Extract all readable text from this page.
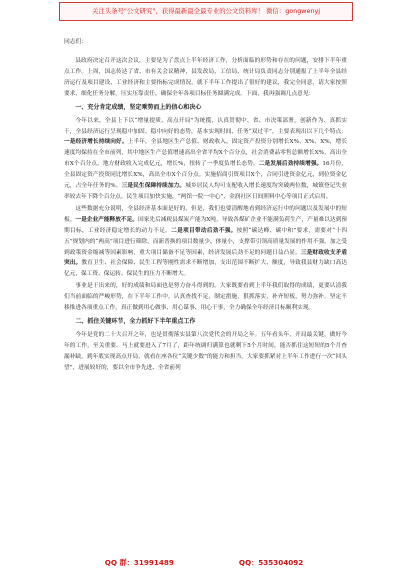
关注头条号"公文研究"，获得最新最全最专业的公文资料库！ 微信：gongwenyj
同志们：
县政府决定召开这次会议，主要是为了盘点上半年经济工作，分析面临的形势和存在的问题，安排下半年重点工作。上周，国志传达了省、市有关会议精神，县发改局、工信局、统计局负责同志分别通报了上半年全县经济运行及项目建设、工业经济和主要指标完成情况，就下半年工作提出了很好的建议，我完全同意，请大家按照要求，细化任务分解，压实压靠责任，确保全年各项目标任务圆满完成。下面，我再强调几点意见：
一、充分肯定成绩，坚定乘势而上的信心和决心
今年以来，全县上下以“增量提质、高点开局”为统揽，认真贯彻中、省、市决策部署，创新作为、真抓实干，全县经济运行呈现稳中加固、稳中向好的态势，基本实现时间、任务“双过半”，主要表现出以下几个特点：一是经济增长持续向好。上半年，全县地区生产总值、财政收入、固定资产投资分别增长X%、X%、X%，增长速度均保持在全市前列，其中地区生产总值增速高出全省平均X个百分点，社会消费品零售总额增长X%，高出全市X个百分点，地方财政收入完成亿元，增长%，扭转了一季度负增长态势。二是发展后劲持续增强。16月份，全县固定资产投资同比增长X%，高出全市X个百分点。实施招商引资项目X个，合同引进资金亿元，到位资金亿元，占全年任务的%。三是民生保障持续加力。城乡居民人均可支配收入增长速度均突破两位数，城镇登记失业率较去年下降个百分点。民生项目加快实施，“两馆一院一中心”、金润社区日间照料中心等项目正式启用。
这些数据充分说明，全县经济基本面是好的，但是，我们也要清醒地看到经济运行中的问题以及发展中的短板。一是企业产能释放不足。国家先后减税县煤炭产能为X吨，导致各煤矿企业不能满负荷生产，产量难以达到预期目标，工业经济稳定增长的动力不足。二是项目带动后劲不强。按照“碳达峰、碳中和”要求，需要对“十四五”规划内的“两高”项目进行筛除，而新普换的项目数量少、体量小，支撑带引领高质量发展的作用不强，加之受到政策资金缩减等因素影响，重大项目储备不足等因素，经济发展后劲不足的问题日益凸显。三是财政收支矛盾突出。教育卫生、社会保障、民生工程等刚性需求不断增加，支出范围不断扩大、额度，导致我县财力缺口高达亿元，保工资、保运转、保民生的压力不断增大。
事业是干出来的，好的成绩和局面也是努力奋斗得到的。大家既要看到上半年我们取得的成绩，更要认清我们当前面临的严峻形势，在下半年工作中，认真查找不足，制定措施，狠抓落实，补齐短板，努力弥补。坚定不移推进各项重点工作，真正做到用心做事、用心谋事、用心干事，全力确保全年经济目标顺利实现。
二、抓住关键环节，全力抓好下半年重点工作
今年是党的二十大召开之年，也是贯彻落实县第八次党代会的开局之年。五年看头年，开局最关键，做好今年的工作，至关重要。马上就要进入了7月了，距年统调归满算也就剩下5个月时间，能否抓住这短短的5个月查漏补缺，到年底实现高点开局，就看在座各位“关键少数”的能力和担当。大家要抓紧对上半年工作进行一次“回头望”，进展较好的，要以全市争先进、全省前列
QQ 群：31991489	QQ：535304092
